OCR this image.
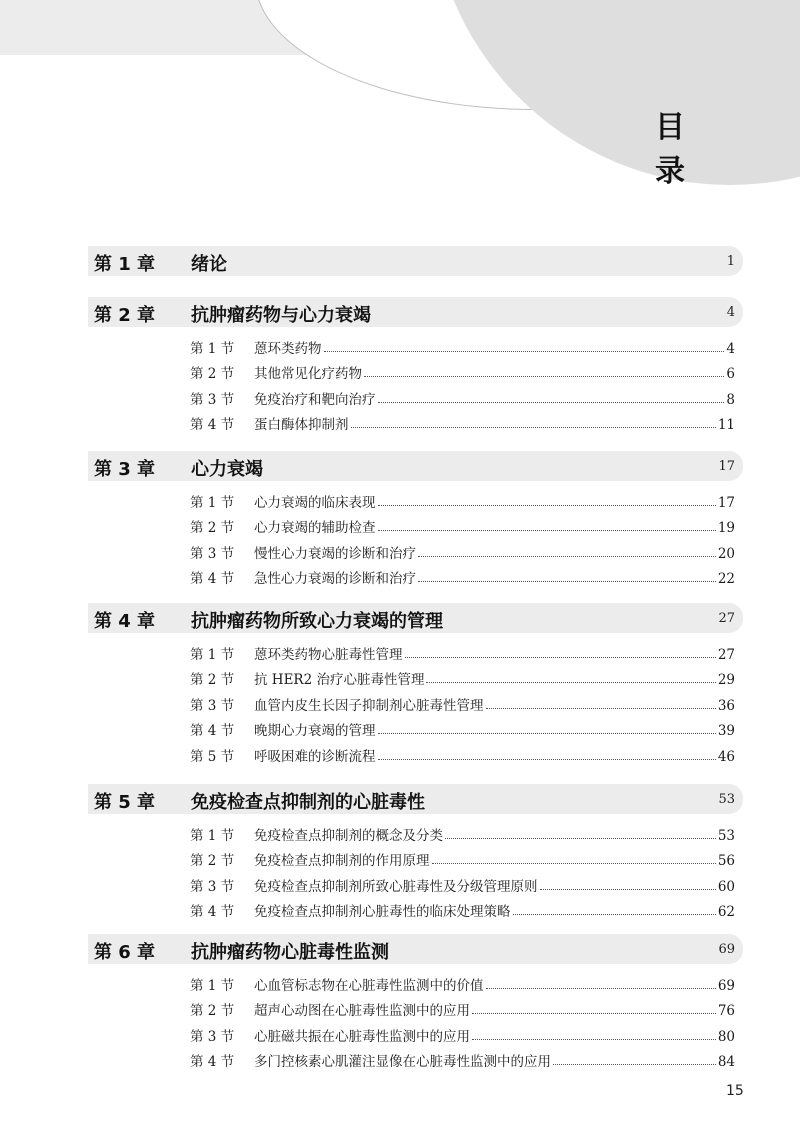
目 录
第 1 章 绪论	1
第 2 章 抗肿瘤药物与心力衰竭	4
第 1 节	蒽环类药物	4
第 2 节	其他常见化疗药物	6
第 3 节	免疫治疗和靶向治疗	8
第 4 节	蛋白酶体抑制剂	11
第 3 章 心力衰竭	17
第 1 节	心力衰竭的临床表现	17
第 2 节	心力衰竭的辅助检查	19
第 3 节	慢性心力衰竭的诊断和治疗	20
第 4 节	急性心力衰竭的诊断和治疗	22
第 4 章 抗肿瘤药物所致心力衰竭的管理	27
第 1 节	蒽环类药物心脏毒性管理	27
第 2 节	抗 HER2 治疗心脏毒性管理	29
第 3 节	血管内皮生长因子抑制剂心脏毒性管理	36
第 4 节	晚期心力衰竭的管理	39
第 5 节	呼吸困难的诊断流程	46
第 5 章 免疫检查点抑制剂的心脏毒性	53
第 1 节	免疫检查点抑制剂的概念及分类	53
第 2 节	免疫检查点抑制剂的作用原理	56
第 3 节	免疫检查点抑制剂所致心脏毒性及分级管理原则	60
第 4 节	免疫检查点抑制剂心脏毒性的临床处理策略	62
第 6 章 抗肿瘤药物心脏毒性监测	69
第 1 节	心血管标志物在心脏毒性监测中的价值	69
第 2 节	超声心动图在心脏毒性监测中的应用	76
第 3 节	心脏磁共振在心脏毒性监测中的应用	80
第 4 节	多门控核素心肌灌注显像在心脏毒性监测中的应用	84
15
